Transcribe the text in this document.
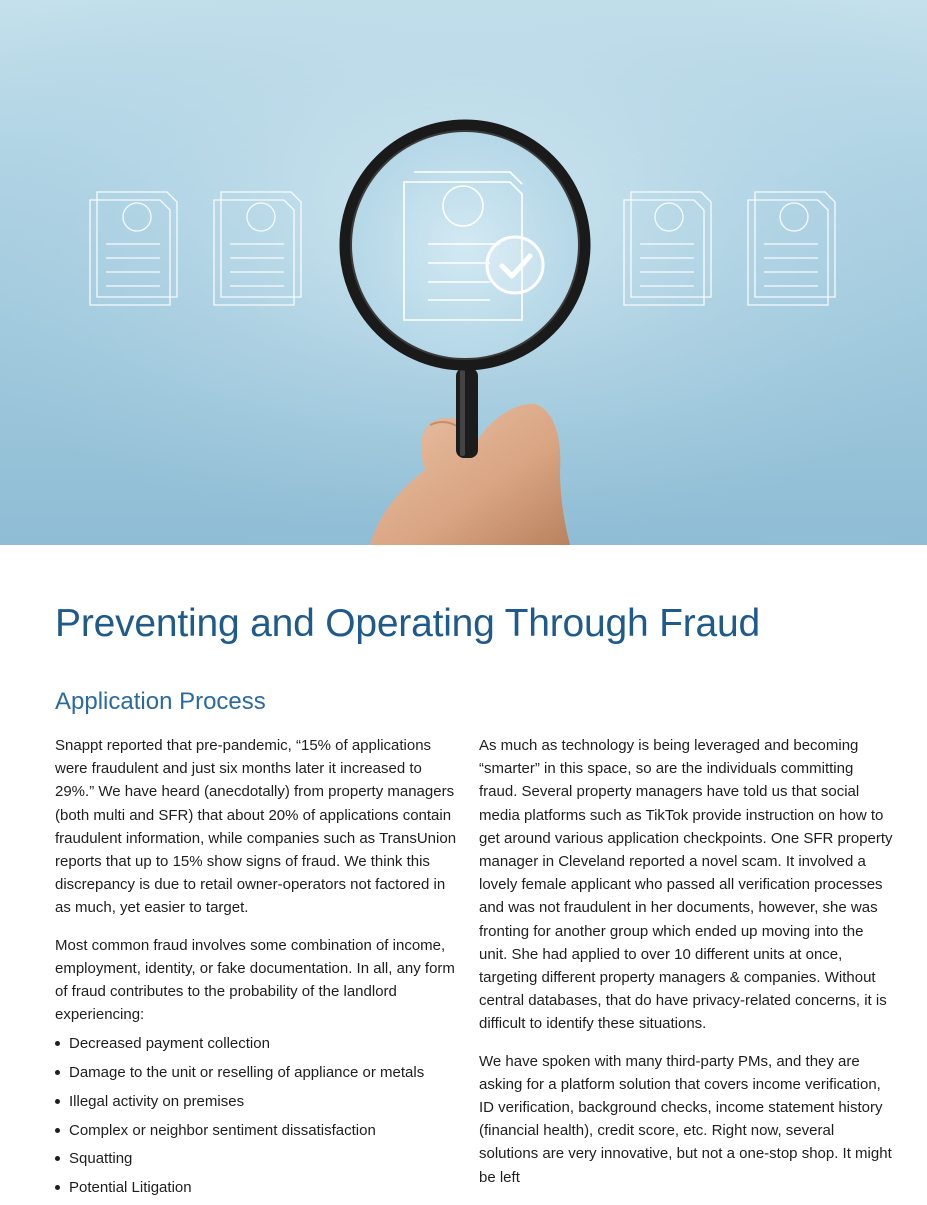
Preventing and Operating Through Fraud
Application Process

Snappt reported that pre-pandemic, “15% of applications were fraudulent and just six months later it increased to 29%.” We have heard (anecdotally) from property managers (both multi and SFR) that about 20% of applications contain fraudulent information, while companies such as TransUnion reports that up to 15% show signs of fraud. We think this discrepancy is due to retail owner-operators not factored in as much, yet easier to target.

Most common fraud involves some combination of income, employment, identity, or fake documentation. In all, any form of fraud contributes to the probability of the landlord experiencing:

Decreased payment collection
Damage to the unit or reselling of appliance or metals
Illegal activity on premises
Complex or neighbor sentiment dissatisfaction
Squatting
Potential Litigation

As much as technology is being leveraged and becoming “smarter” in this space, so are the individuals committing fraud. Several property managers have told us that social media platforms such as TikTok provide instruction on how to get around various application checkpoints. One SFR property manager in Cleveland reported a novel scam. It involved a lovely female applicant who passed all verification processes and was not fraudulent in her documents, however, she was fronting for another group which ended up moving into the unit. She had applied to over 10 different units at once, targeting different property managers & companies. Without central databases, that do have privacy-related concerns, it is difficult to identify these situations.

We have spoken with many third-party PMs, and they are asking for a platform solution that covers income verification, ID verification, background checks, income statement history (financial health), credit score, etc. Right now, several solutions are very innovative, but not a one-stop shop. It might be left
